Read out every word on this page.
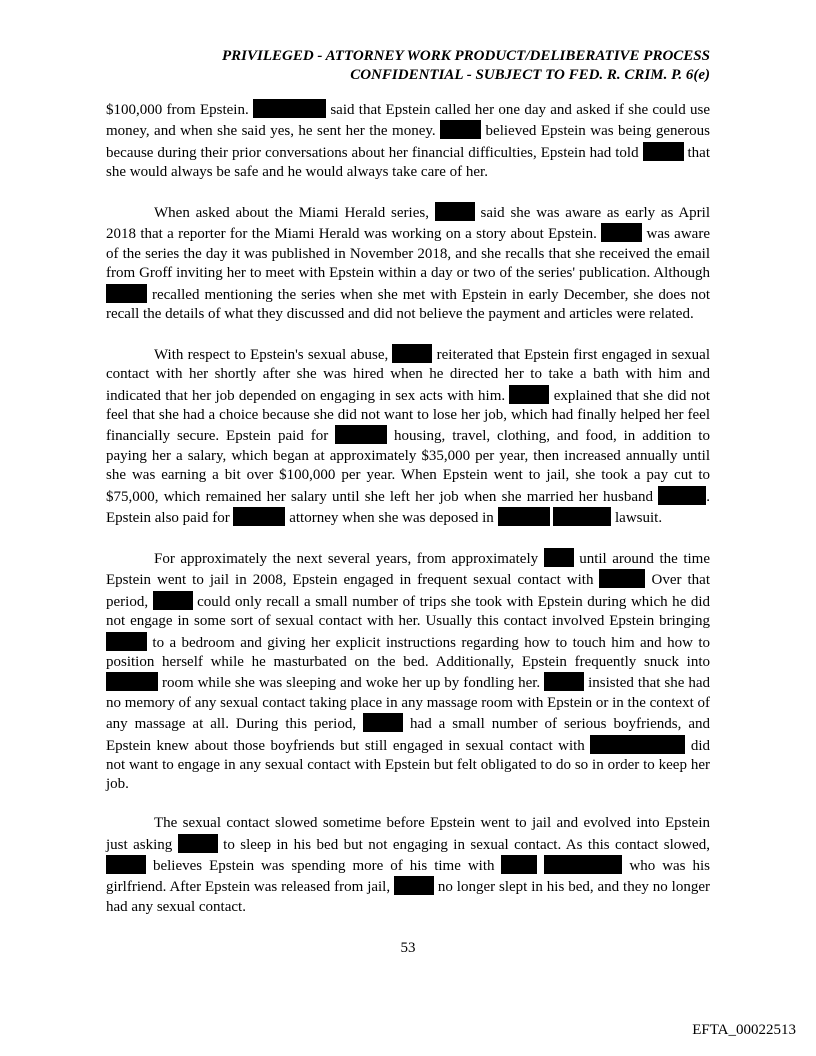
PRIVILEGED - ATTORNEY WORK PRODUCT/DELIBERATIVE PROCESS
CONFIDENTIAL - SUBJECT TO FED. R. CRIM. P. 6(e)

$100,000 from Epstein.	said that Epstein called her one day and asked if she could use money, and when she said yes, he sent her the money.	believed Epstein was being generous because during their prior conversations about her financial difficulties, Epstein had told	that she would always be safe and he would always take care of her.

When asked about the Miami Herald series,	said she was aware as early as April 2018 that a reporter for the Miami Herald was working on a story about Epstein.	was aware of the series the day it was published in November 2018, and she recalls that she received the email from Groff inviting her to meet with Epstein within a day or two of the series' publication. Although  recalled mentioning the series when she met with Epstein in early December, she does not recall the details of what they discussed and did not believe the payment and articles were related.

With respect to Epstein's sexual abuse,	reiterated that Epstein first engaged in sexual contact with her shortly after she was hired when he directed her to take a bath with him and indicated that her job depended on engaging in sex acts with him.	explained that she did not feel that she had a choice because she did not want to lose her job, which had finally helped her feel financially secure. Epstein paid for	housing, travel, clothing, and food, in addition to paying her a salary, which began at approximately $35,000 per year, then increased annually until she was earning a bit over $100,000 per year. When Epstein went to jail, she took a pay cut to $75,000, which remained her salary until she left her job when she married her husband	. Epstein also paid for	attorney when she was deposed in	lawsuit.

For approximately the next several years, from approximately  until around the time Epstein went to jail in 2008, Epstein engaged in frequent sexual contact with	Over that period,	could only recall a small number of trips she took with Epstein during which he did not engage in some sort of sexual contact with her. Usually this contact involved Epstein bringing  to a bedroom and giving her explicit instructions regarding how to touch him and how to position herself while he masturbated on the bed. Additionally, Epstein frequently snuck into  room while she was sleeping and woke her up by fondling her.	insisted that she had no memory of any sexual contact taking place in any massage room with Epstein or in the context of any massage at all. During this period,	had a small number of serious boyfriends, and Epstein knew about those boyfriends but still engaged in sexual contact with	did not want to engage in any sexual contact with Epstein but felt obligated to do so in order to keep her job.

The sexual contact slowed sometime before Epstein went to jail and evolved into Epstein just asking	to sleep in his bed but not engaging in sexual contact. As this contact slowed,  believes Epstein was spending more of his time with	who was his girlfriend. After Epstein was released from jail,	no longer slept in his bed, and they no longer had any sexual contact.

53
EFTA_00022513
